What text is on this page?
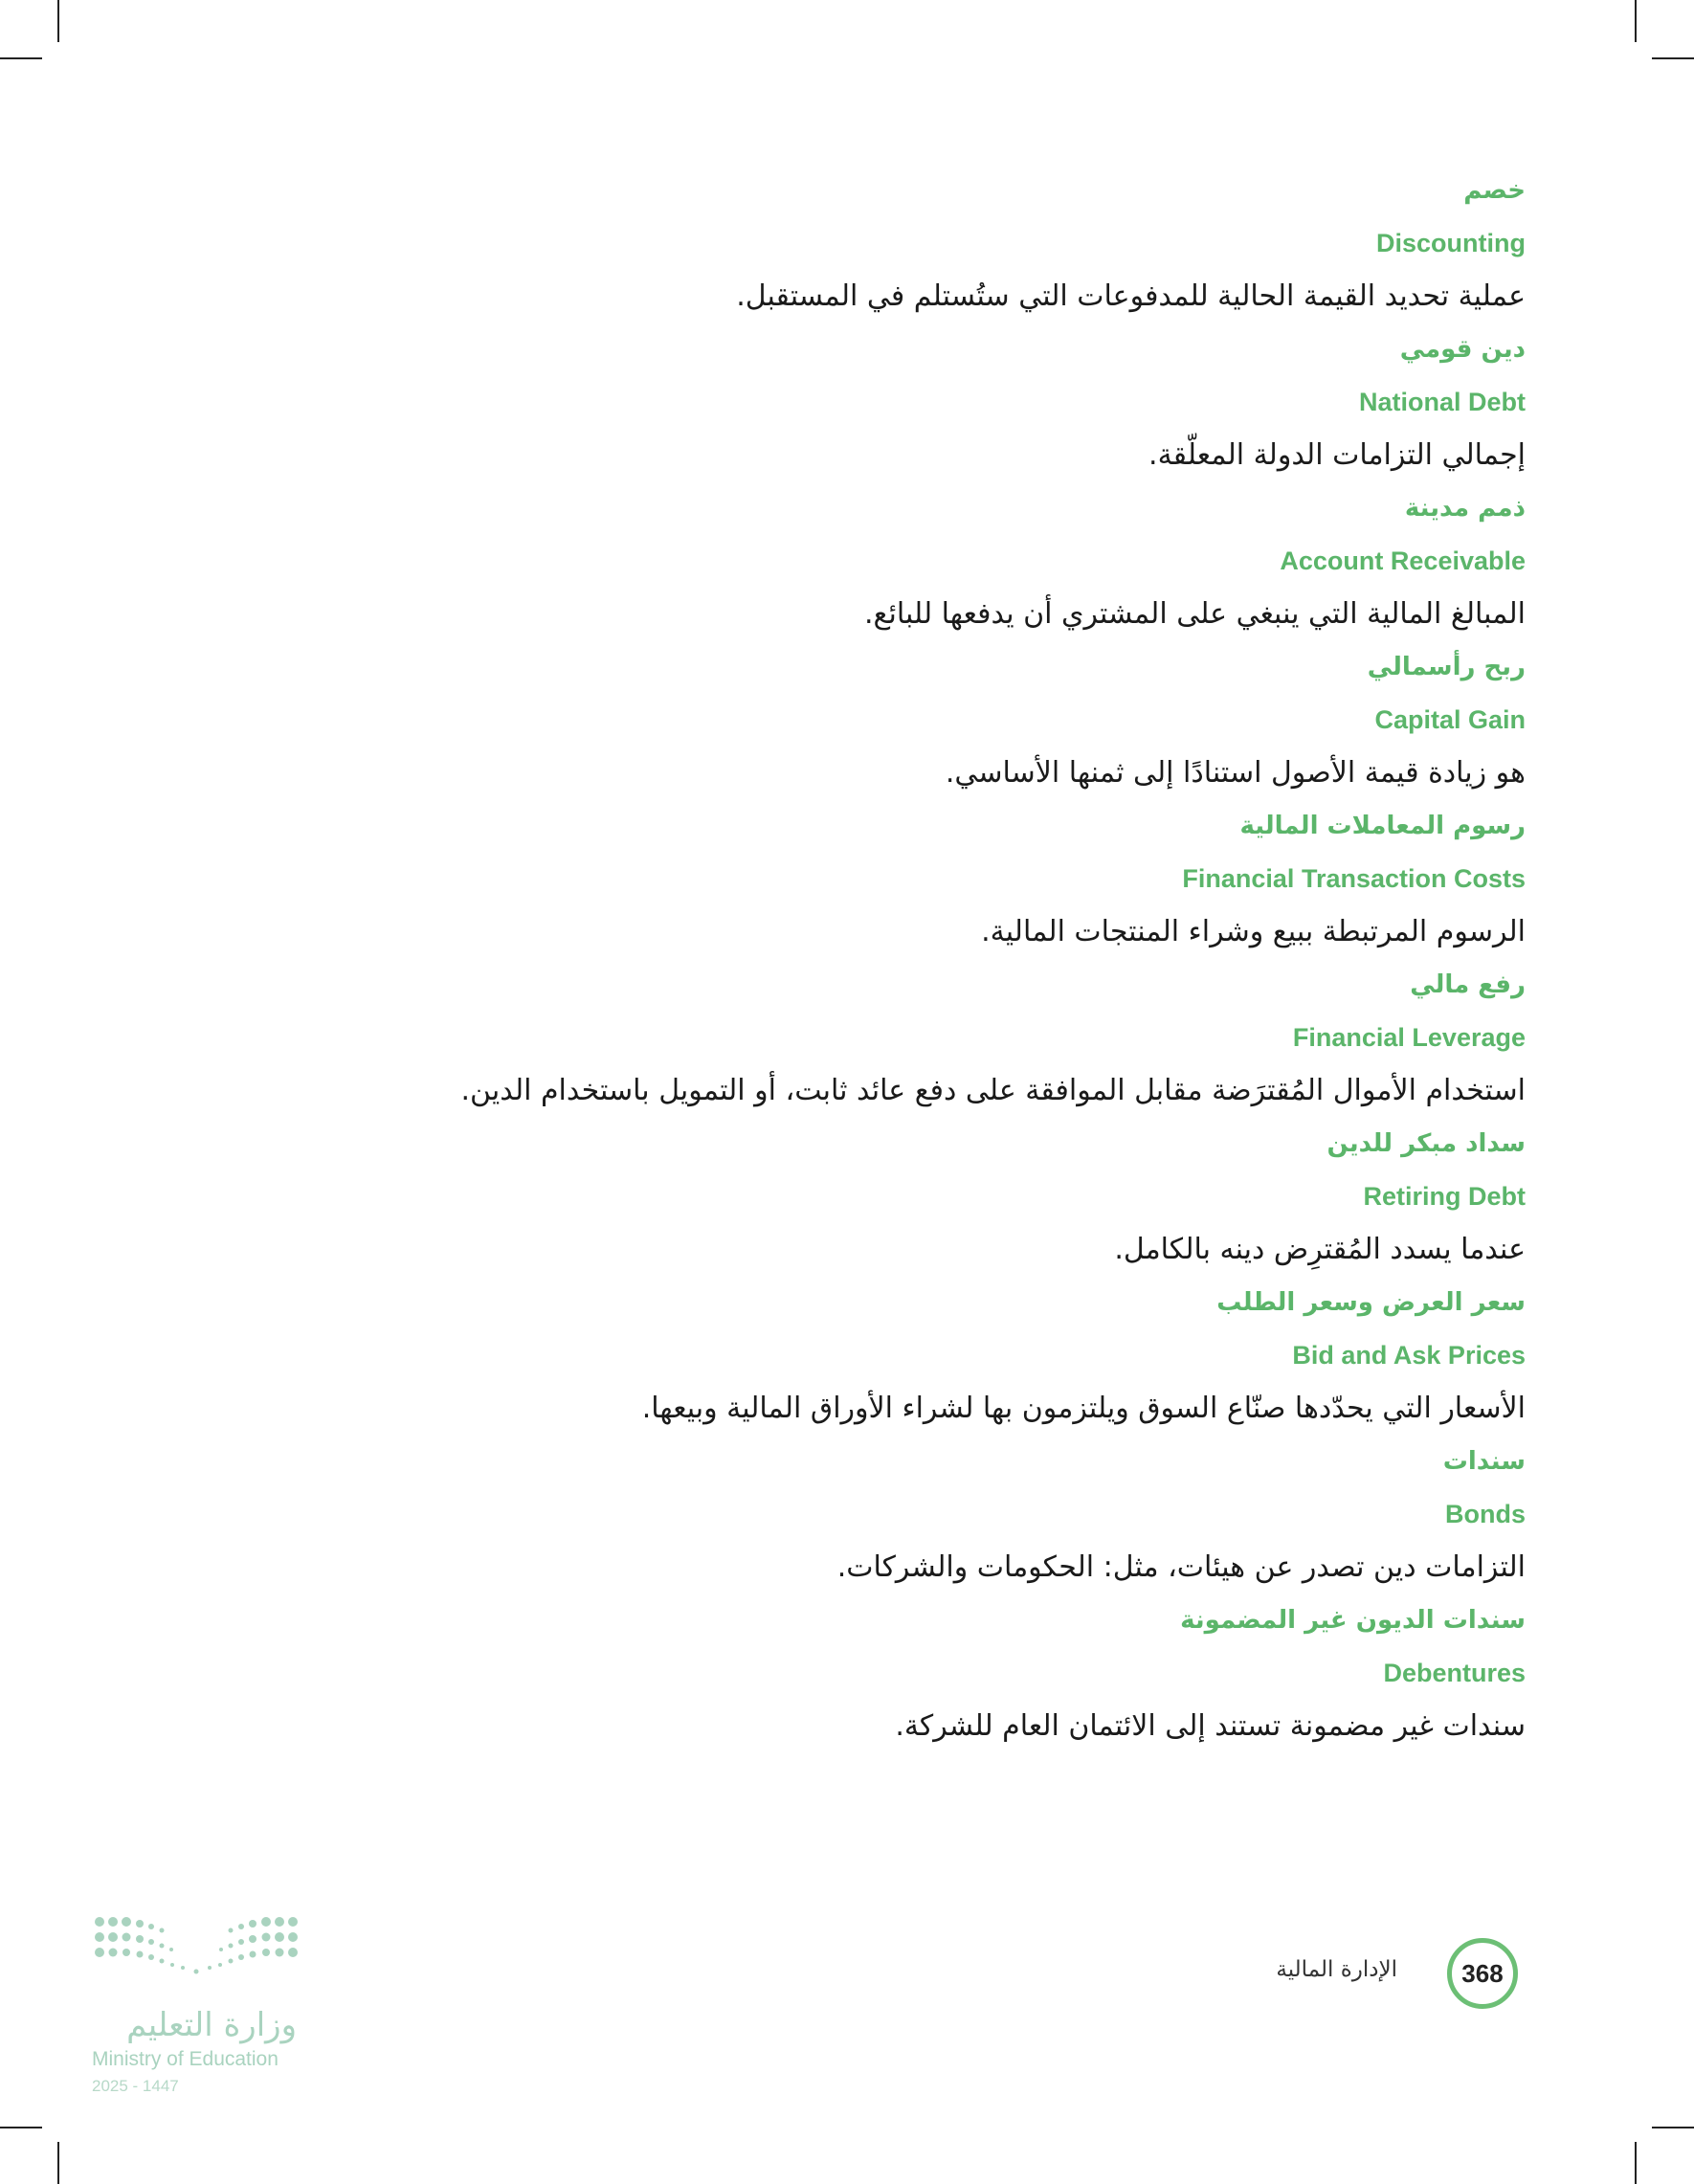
خصم
Discounting
عملية تحديد القيمة الحالية للمدفوعات التي ستُستلم في المستقبل.
دين قومي
National Debt
إجمالي التزامات الدولة المعلّقة.
ذمم مدينة
Account Receivable
المبالغ المالية التي ينبغي على المشتري أن يدفعها للبائع.
ربح رأسمالي
Capital Gain
هو زيادة قيمة الأصول استنادًا إلى ثمنها الأساسي.
رسوم المعاملات المالية
Financial Transaction Costs
الرسوم المرتبطة ببيع وشراء المنتجات المالية.
رفع مالي
Financial Leverage
استخدام الأموال المُقترَضة مقابل الموافقة على دفع عائد ثابت، أو التمويل باستخدام الدين.
سداد مبكر للدين
Retiring Debt
عندما يسدد المُقترِض دينه بالكامل.
سعر العرض وسعر الطلب
Bid and Ask Prices
الأسعار التي يحدّدها صنّاع السوق ويلتزمون بها لشراء الأوراق المالية وبيعها.
سندات
Bonds
التزامات دين تصدر عن هيئات، مثل: الحكومات والشركات.
سندات الديون غير المضمونة
Debentures
سندات غير مضمونة تستند إلى الائتمان العام للشركة.
368
الإدارة المالية
وزارة التعليم
Ministry of Education
2025 - 1447
